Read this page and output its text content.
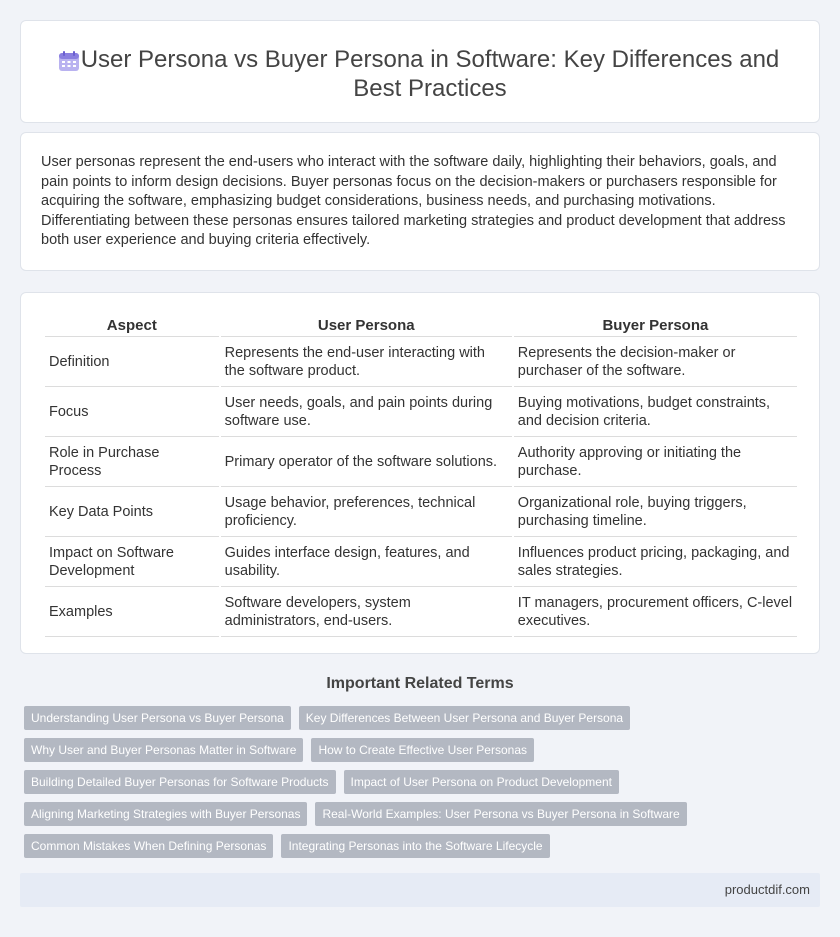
User Persona vs Buyer Persona in Software: Key Differences and Best Practices

User personas represent the end-users who interact with the software daily, highlighting their behaviors, goals, and pain points to inform design decisions. Buyer personas focus on the decision-makers or purchasers responsible for acquiring the software, emphasizing budget considerations, business needs, and purchasing motivations. Differentiating between these personas ensures tailored marketing strategies and product development that address both user experience and buying criteria effectively.

Aspect	User Persona	Buyer Persona
Definition	Represents the end-user interacting with the software product.	Represents the decision-maker or purchaser of the software.
Focus	User needs, goals, and pain points during software use.	Buying motivations, budget constraints, and decision criteria.
Role in Purchase Process	Primary operator of the software solutions.	Authority approving or initiating the purchase.
Key Data Points	Usage behavior, preferences, technical proficiency.	Organizational role, buying triggers, purchasing timeline.
Impact on Software Development	Guides interface design, features, and usability.	Influences product pricing, packaging, and sales strategies.
Examples	Software developers, system administrators, end-users.	IT managers, procurement officers, C-level executives.
Important Related Terms
Understanding User Persona vs Buyer Persona	Key Differences Between User Persona and Buyer Persona
Why User and Buyer Personas Matter in Software	How to Create Effective User Personas
Building Detailed Buyer Personas for Software Products	Impact of User Persona on Product Development
Aligning Marketing Strategies with Buyer Personas	Real-World Examples: User Persona vs Buyer Persona in Software
Common Mistakes When Defining Personas	Integrating Personas into the Software Lifecycle
productdif.com
